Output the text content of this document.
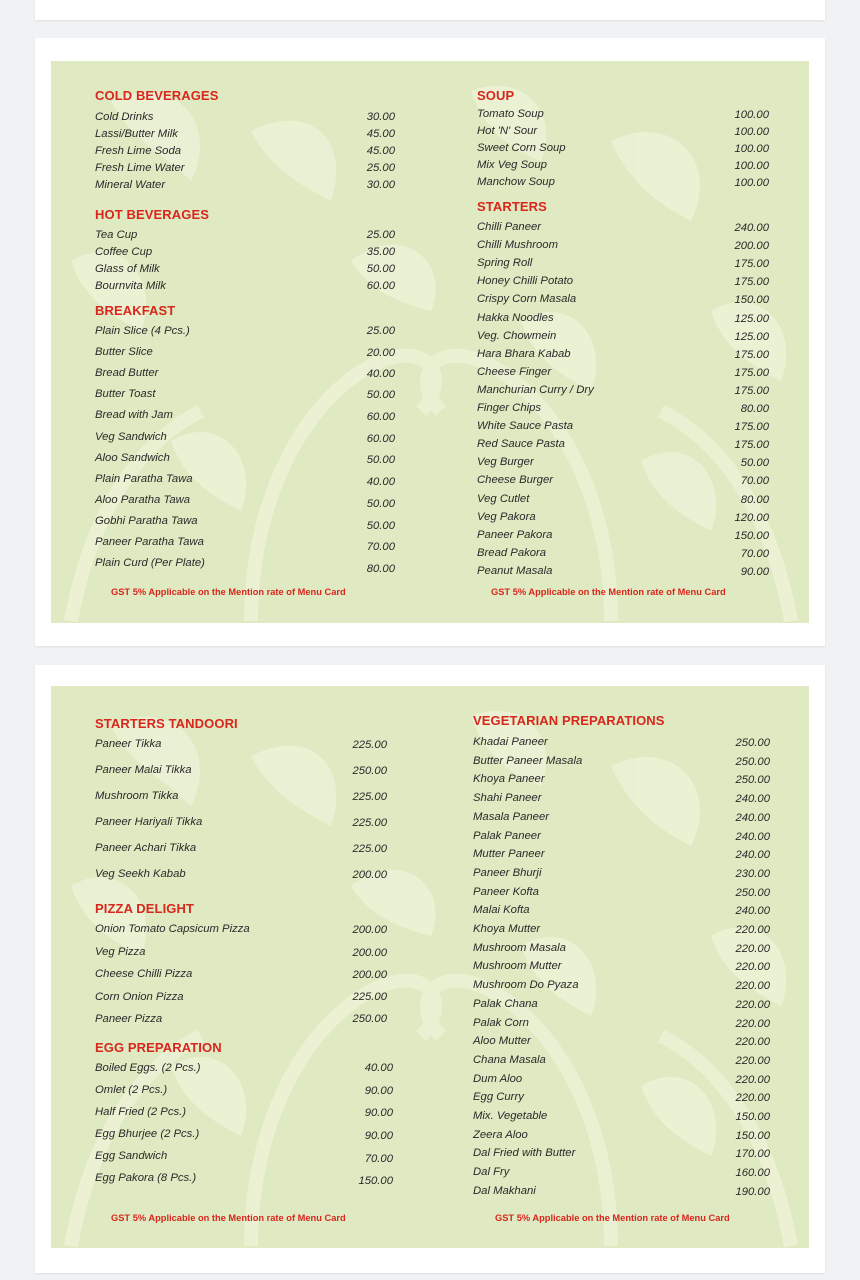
COLD BEVERAGES
Cold Drinks	30.00
Lassi/Butter Milk	45.00
Fresh Lime Soda	45.00
Fresh Lime Water	25.00
Mineral Water	30.00
HOT BEVERAGES
Tea Cup	25.00
Coffee Cup	35.00
Glass of Milk	50.00
Bournvita Milk	60.00
BREAKFAST
Plain Slice (4 Pcs.)	25.00
Butter Slice	20.00
Bread Butter	40.00
Butter Toast	50.00
Bread with Jam	60.00
Veg Sandwich	60.00
Aloo Sandwich	50.00
Plain Paratha Tawa	40.00
Aloo Paratha Tawa	50.00
Gobhi Paratha Tawa	50.00
Paneer Paratha Tawa	70.00
Plain Curd (Per Plate)	80.00
GST 5% Applicable on the Mention rate of Menu Card
SOUP
Tomato Soup	100.00
Hot 'N' Sour	100.00
Sweet Corn Soup	100.00
Mix Veg Soup	100.00
Manchow Soup	100.00
STARTERS
Chilli Paneer	240.00
Chilli Mushroom	200.00
Spring Roll	175.00
Honey Chilli Potato	175.00
Crispy Corn Masala	150.00
Hakka Noodles	125.00
Veg. Chowmein	125.00
Hara Bhara Kabab	175.00
Cheese Finger	175.00
Manchurian Curry / Dry	175.00
Finger Chips	80.00
White Sauce Pasta	175.00
Red Sauce Pasta	175.00
Veg Burger	50.00
Cheese Burger	70.00
Veg Cutlet	80.00
Veg Pakora	120.00
Paneer Pakora	150.00
Bread Pakora	70.00
Peanut Masala	90.00
GST 5% Applicable on the Mention rate of Menu Card
STARTERS TANDOORI
Paneer Tikka	225.00
Paneer Malai Tikka	250.00
Mushroom Tikka	225.00
Paneer Hariyali Tikka	225.00
Paneer Achari Tikka	225.00
Veg Seekh Kabab	200.00
PIZZA DELIGHT
Onion Tomato Capsicum Pizza	200.00
Veg Pizza	200.00
Cheese Chilli Pizza	200.00
Corn Onion Pizza	225.00
Paneer Pizza	250.00
EGG PREPARATION
Boiled Eggs. (2 Pcs.)	40.00
Omlet (2 Pcs.)	90.00
Half Fried (2 Pcs.)	90.00
Egg Bhurjee (2 Pcs.)	90.00
Egg Sandwich	70.00
Egg Pakora (8 Pcs.)	150.00
GST 5% Applicable on the Mention rate of Menu Card
VEGETARIAN PREPARATIONS
Khadai Paneer	250.00
Butter Paneer Masala	250.00
Khoya Paneer	250.00
Shahi Paneer	240.00
Masala Paneer	240.00
Palak Paneer	240.00
Mutter Paneer	240.00
Paneer Bhurji	230.00
Paneer Kofta	250.00
Malai Kofta	240.00
Khoya Mutter	220.00
Mushroom Masala	220.00
Mushroom Mutter	220.00
Mushroom Do Pyaza	220.00
Palak Chana	220.00
Palak Corn	220.00
Aloo Mutter	220.00
Chana Masala	220.00
Dum Aloo	220.00
Egg Curry	220.00
Mix. Vegetable	150.00
Zeera Aloo	150.00
Dal Fried with Butter	170.00
Dal Fry	160.00
Dal Makhani	190.00
GST 5% Applicable on the Mention rate of Menu Card
